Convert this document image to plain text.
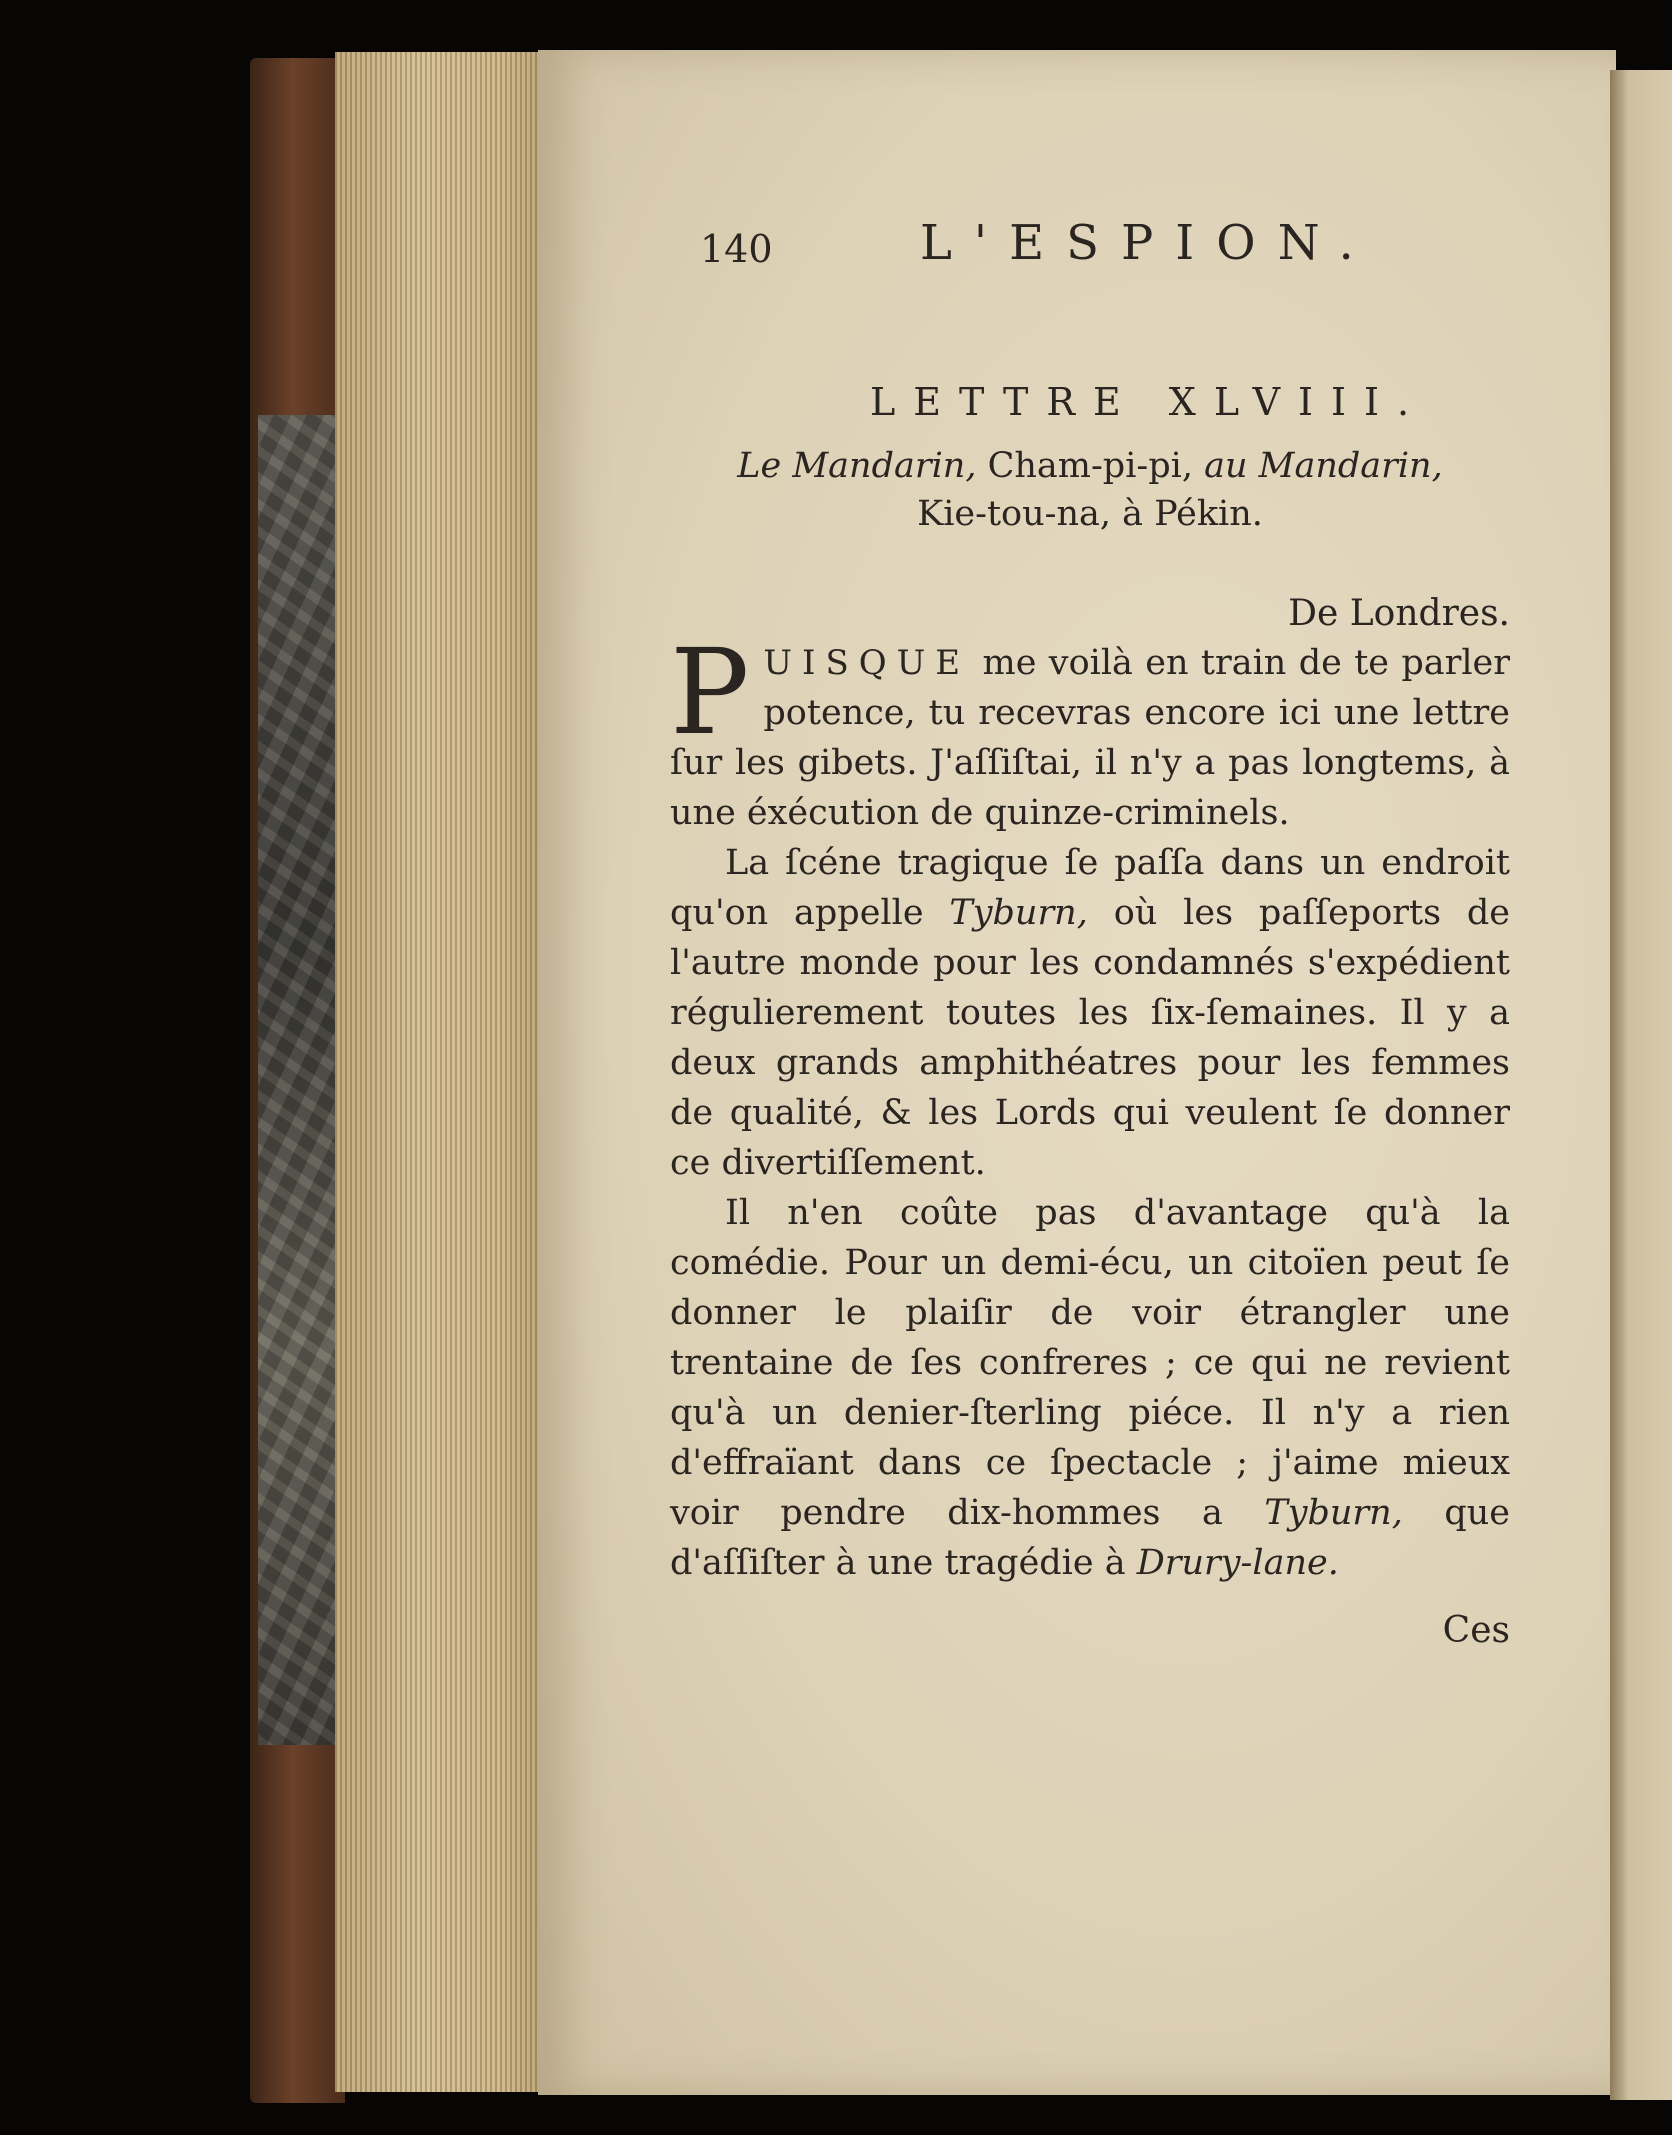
140	L'ESPION.
LETTRE XLVIII.
Le Mandarin, Cham-pi-pi, au Mandarin,
Kie-tou-na, à Pékin.
De Londres.

PUISQUE me voilà en train de te parler potence, tu recevras encore ici une lettre ſur les gibets. J'aſſiſtai, il n'y a pas longtems, à une éxécution de quinze-criminels.

La ſcéne tragique ſe paſſa dans un endroit qu'on appelle Tyburn, où les paſſeports de l'autre monde pour les condamnés s'expédient régulierement toutes les ſix-ſemaines. Il y a deux grands amphithéatres pour les femmes de qualité, & les Lords qui veulent ſe donner ce divertiſſement.

Il n'en coûte pas d'avantage qu'à la comédie. Pour un demi-écu, un citoïen peut ſe donner le plaiſir de voir étrangler une trentaine de ſes confreres ; ce qui ne revient qu'à un denier-ſterling piéce. Il n'y a rien d'effraïant dans ce ſpectacle ; j'aime mieux voir pendre dix-hommes a Tyburn, que d'aſſiſter à une tragédie à Drury-lane.

Ces
